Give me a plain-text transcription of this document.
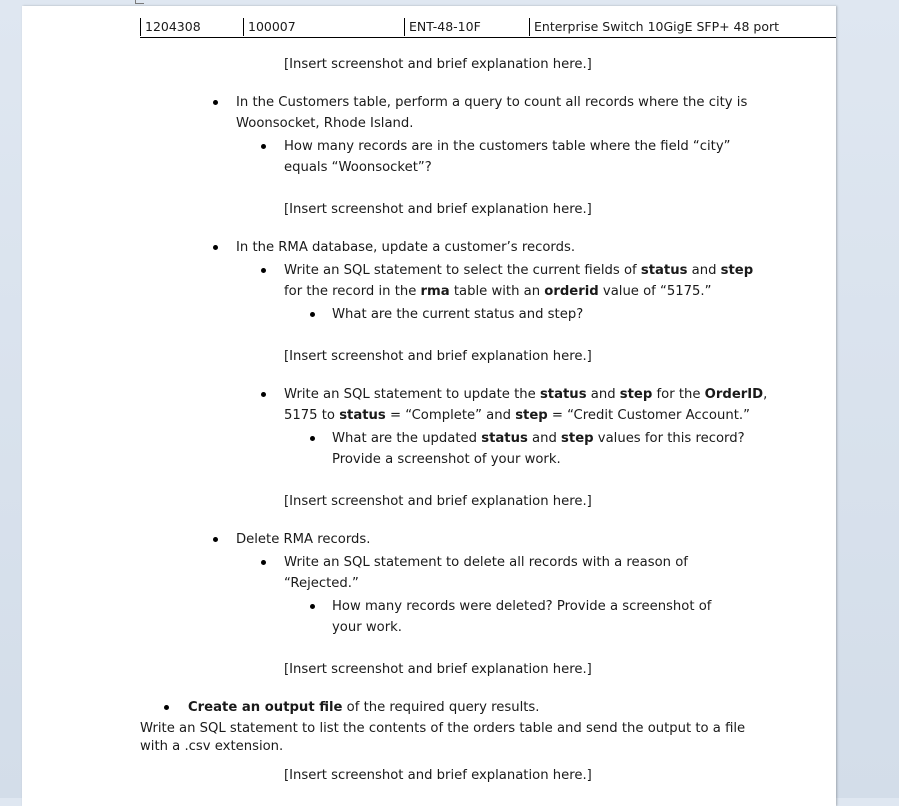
1204308	100007	ENT-48-10F	Enterprise Switch 10GigE SFP+ 48 port
[Insert screenshot and brief explanation here.]
In the Customers table, perform a query to count all records where the city is
Woonsocket, Rhode Island.
How many records are in the customers table where the field “city”
equals “Woonsocket”?
[Insert screenshot and brief explanation here.]
In the RMA database, update a customer’s records.
Write an SQL statement to select the current fields of status and step
for the record in the rma table with an orderid value of “5175.”
What are the current status and step?
[Insert screenshot and brief explanation here.]
Write an SQL statement to update the status and step for the OrderID,
5175 to status = “Complete” and step = “Credit Customer Account.”
What are the updated status and step values for this record?
Provide a screenshot of your work.
[Insert screenshot and brief explanation here.]
Delete RMA records.
Write an SQL statement to delete all records with a reason of
“Rejected.”
How many records were deleted? Provide a screenshot of
your work.
[Insert screenshot and brief explanation here.]
Create an output file of the required query results.
Write an SQL statement to list the contents of the orders table and send the output to a file
with a .csv extension.
[Insert screenshot and brief explanation here.]
